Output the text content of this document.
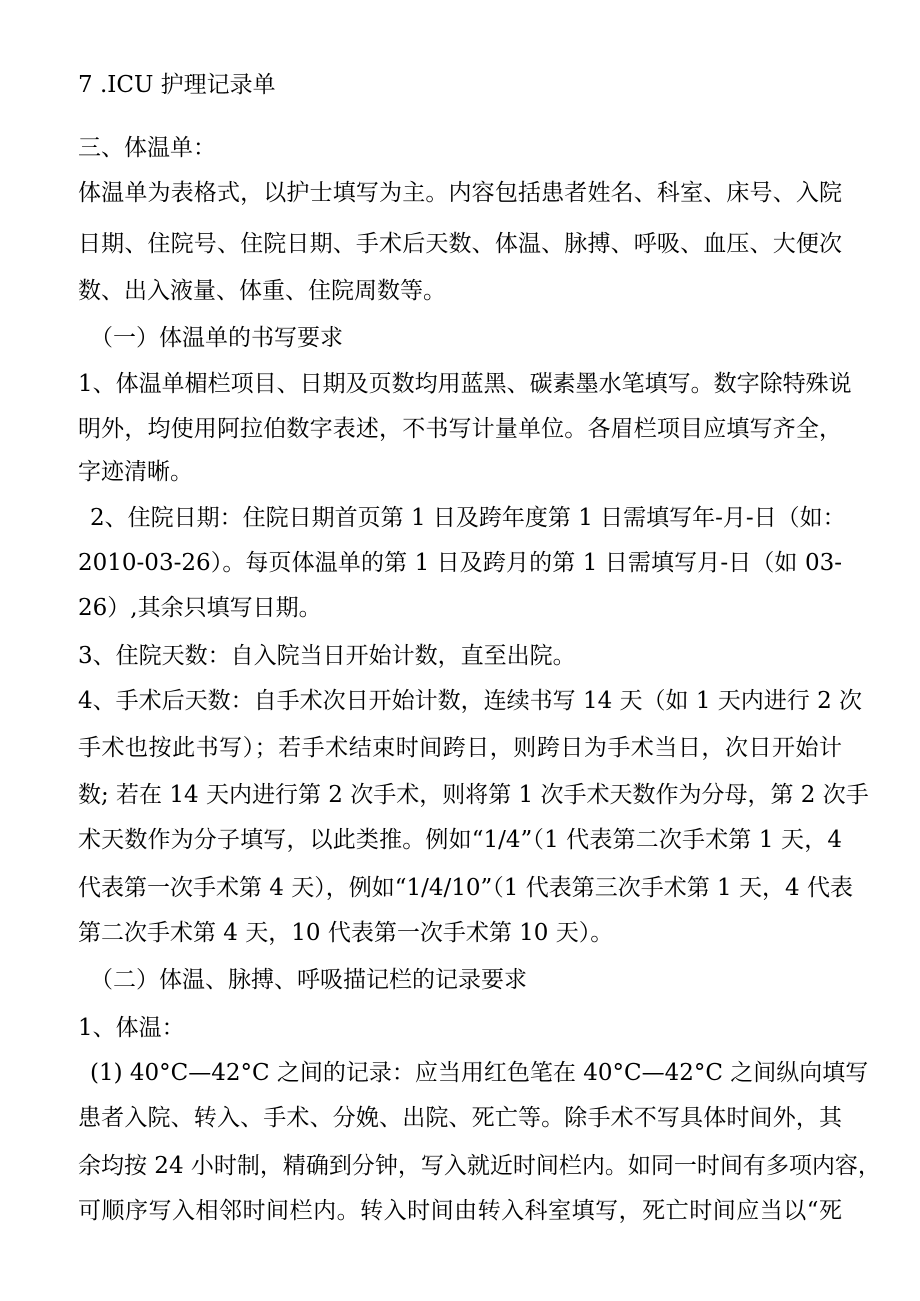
7 .ICU 护理记录单
三、体温单：
体温单为表格式，以护士填写为主。内容包括患者姓名、科室、床号、入院
日期、住院号、住院日期、手术后天数、体温、脉搏、呼吸、血压、大便次
数、出入液量、体重、住院周数等。
（一）体温单的书写要求
1、体温单楣栏项目、日期及页数均用蓝黑、碳素墨水笔填写。数字除特殊说
明外，均使用阿拉伯数字表述，不书写计量单位。各眉栏项目应填写齐全，
字迹清晰。
2、住院日期：住院日期首页第 1 日及跨年度第 1 日需填写年-月-日（如：
2010-03-26）。每页体温单的第 1 日及跨月的第 1 日需填写月-日（如 03-
26）,其余只填写日期。
3、住院天数：自入院当日开始计数，直至出院。
4、手术后天数：自手术次日开始计数，连续书写 14 天（如 1 天内进行 2 次
手术也按此书写）；若手术结束时间跨日，则跨日为手术当日，次日开始计
数; 若在 14 天内进行第 2 次手术，则将第 1 次手术天数作为分母，第 2 次手
术天数作为分子填写，以此类推。例如“1/4”（1 代表第二次手术第 1 天，4
代表第一次手术第 4 天），例如“1/4/10”（1 代表第三次手术第 1 天，4 代表
第二次手术第 4 天，10 代表第一次手术第 10 天）。
（二）体温、脉搏、呼吸描记栏的记录要求
1、体温：
(1) 40°C—42°C 之间的记录：应当用红色笔在 40°C—42°C 之间纵向填写
患者入院、转入、手术、分娩、出院、死亡等。除手术不写具体时间外，其
余均按 24 小时制，精确到分钟，写入就近时间栏内。如同一时间有多项内容，
可顺序写入相邻时间栏内。转入时间由转入科室填写，死亡时间应当以“死
